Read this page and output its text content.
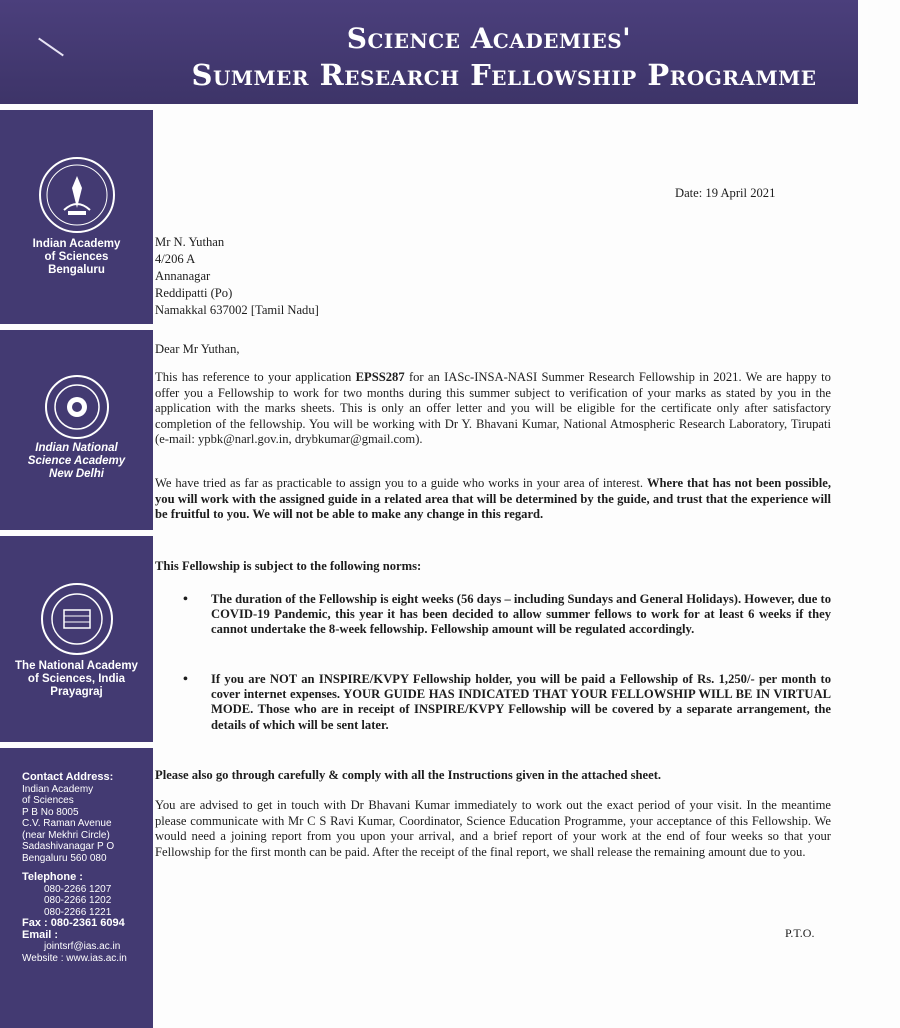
Science Academies'
Summer Research Fellowship Programme
Indian Academy
of Sciences
Bengaluru
Indian National
Science Academy
New Delhi
The National Academy
of Sciences, India
Prayagraj
Contact Address:
Indian Academy
of Sciences
P B No 8005
C.V. Raman Avenue
(near Mekhri Circle)
Sadashivanagar P O
Bengaluru 560 080
Telephone :
080-2266 1207
080-2266 1202
080-2266 1221
Fax : 080-2361 6094
Email :
jointsrf@ias.ac.in
Website : www.ias.ac.in
Date: 19 April 2021
Mr N. Yuthan
4/206 A
Annanagar
Reddipatti (Po)
Namakkal 637002 [Tamil Nadu]
Dear Mr Yuthan,
This has reference to your application EPSS287 for an IASc-INSA-NASI Summer Research Fellowship in 2021. We are happy to offer you a Fellowship to work for two months during this summer subject to verification of your marks as stated by you in the application with the marks sheets. This is only an offer letter and you will be eligible for the certificate only after satisfactory completion of the fellowship. You will be working with Dr Y. Bhavani Kumar, National Atmospheric Research Laboratory, Tirupati (e-mail: ypbk@narl.gov.in, drybkumar@gmail.com).
We have tried as far as practicable to assign you to a guide who works in your area of interest. Where that has not been possible, you will work with the assigned guide in a related area that will be determined by the guide, and trust that the experience will be fruitful to you. We will not be able to make any change in this regard.
This Fellowship is subject to the following norms:
• The duration of the Fellowship is eight weeks (56 days – including Sundays and General Holidays). However, due to COVID-19 Pandemic, this year it has been decided to allow summer fellows to work for at least 6 weeks if they cannot undertake the 8-week fellowship. Fellowship amount will be regulated accordingly.
• If you are NOT an INSPIRE/KVPY Fellowship holder, you will be paid a Fellowship of Rs. 1,250/- per month to cover internet expenses. YOUR GUIDE HAS INDICATED THAT YOUR FELLOWSHIP WILL BE IN VIRTUAL MODE. Those who are in receipt of INSPIRE/KVPY Fellowship will be covered by a separate arrangement, the details of which will be sent later.
Please also go through carefully & comply with all the Instructions given in the attached sheet.
You are advised to get in touch with Dr Bhavani Kumar immediately to work out the exact period of your visit. In the meantime please communicate with Mr C S Ravi Kumar, Coordinator, Science Education Programme, your acceptance of this Fellowship. We would need a joining report from you upon your arrival, and a brief report of your work at the end of four weeks so that your Fellowship for the first month can be paid. After the receipt of the final report, we shall release the remaining amount due to you.
P.T.O.
